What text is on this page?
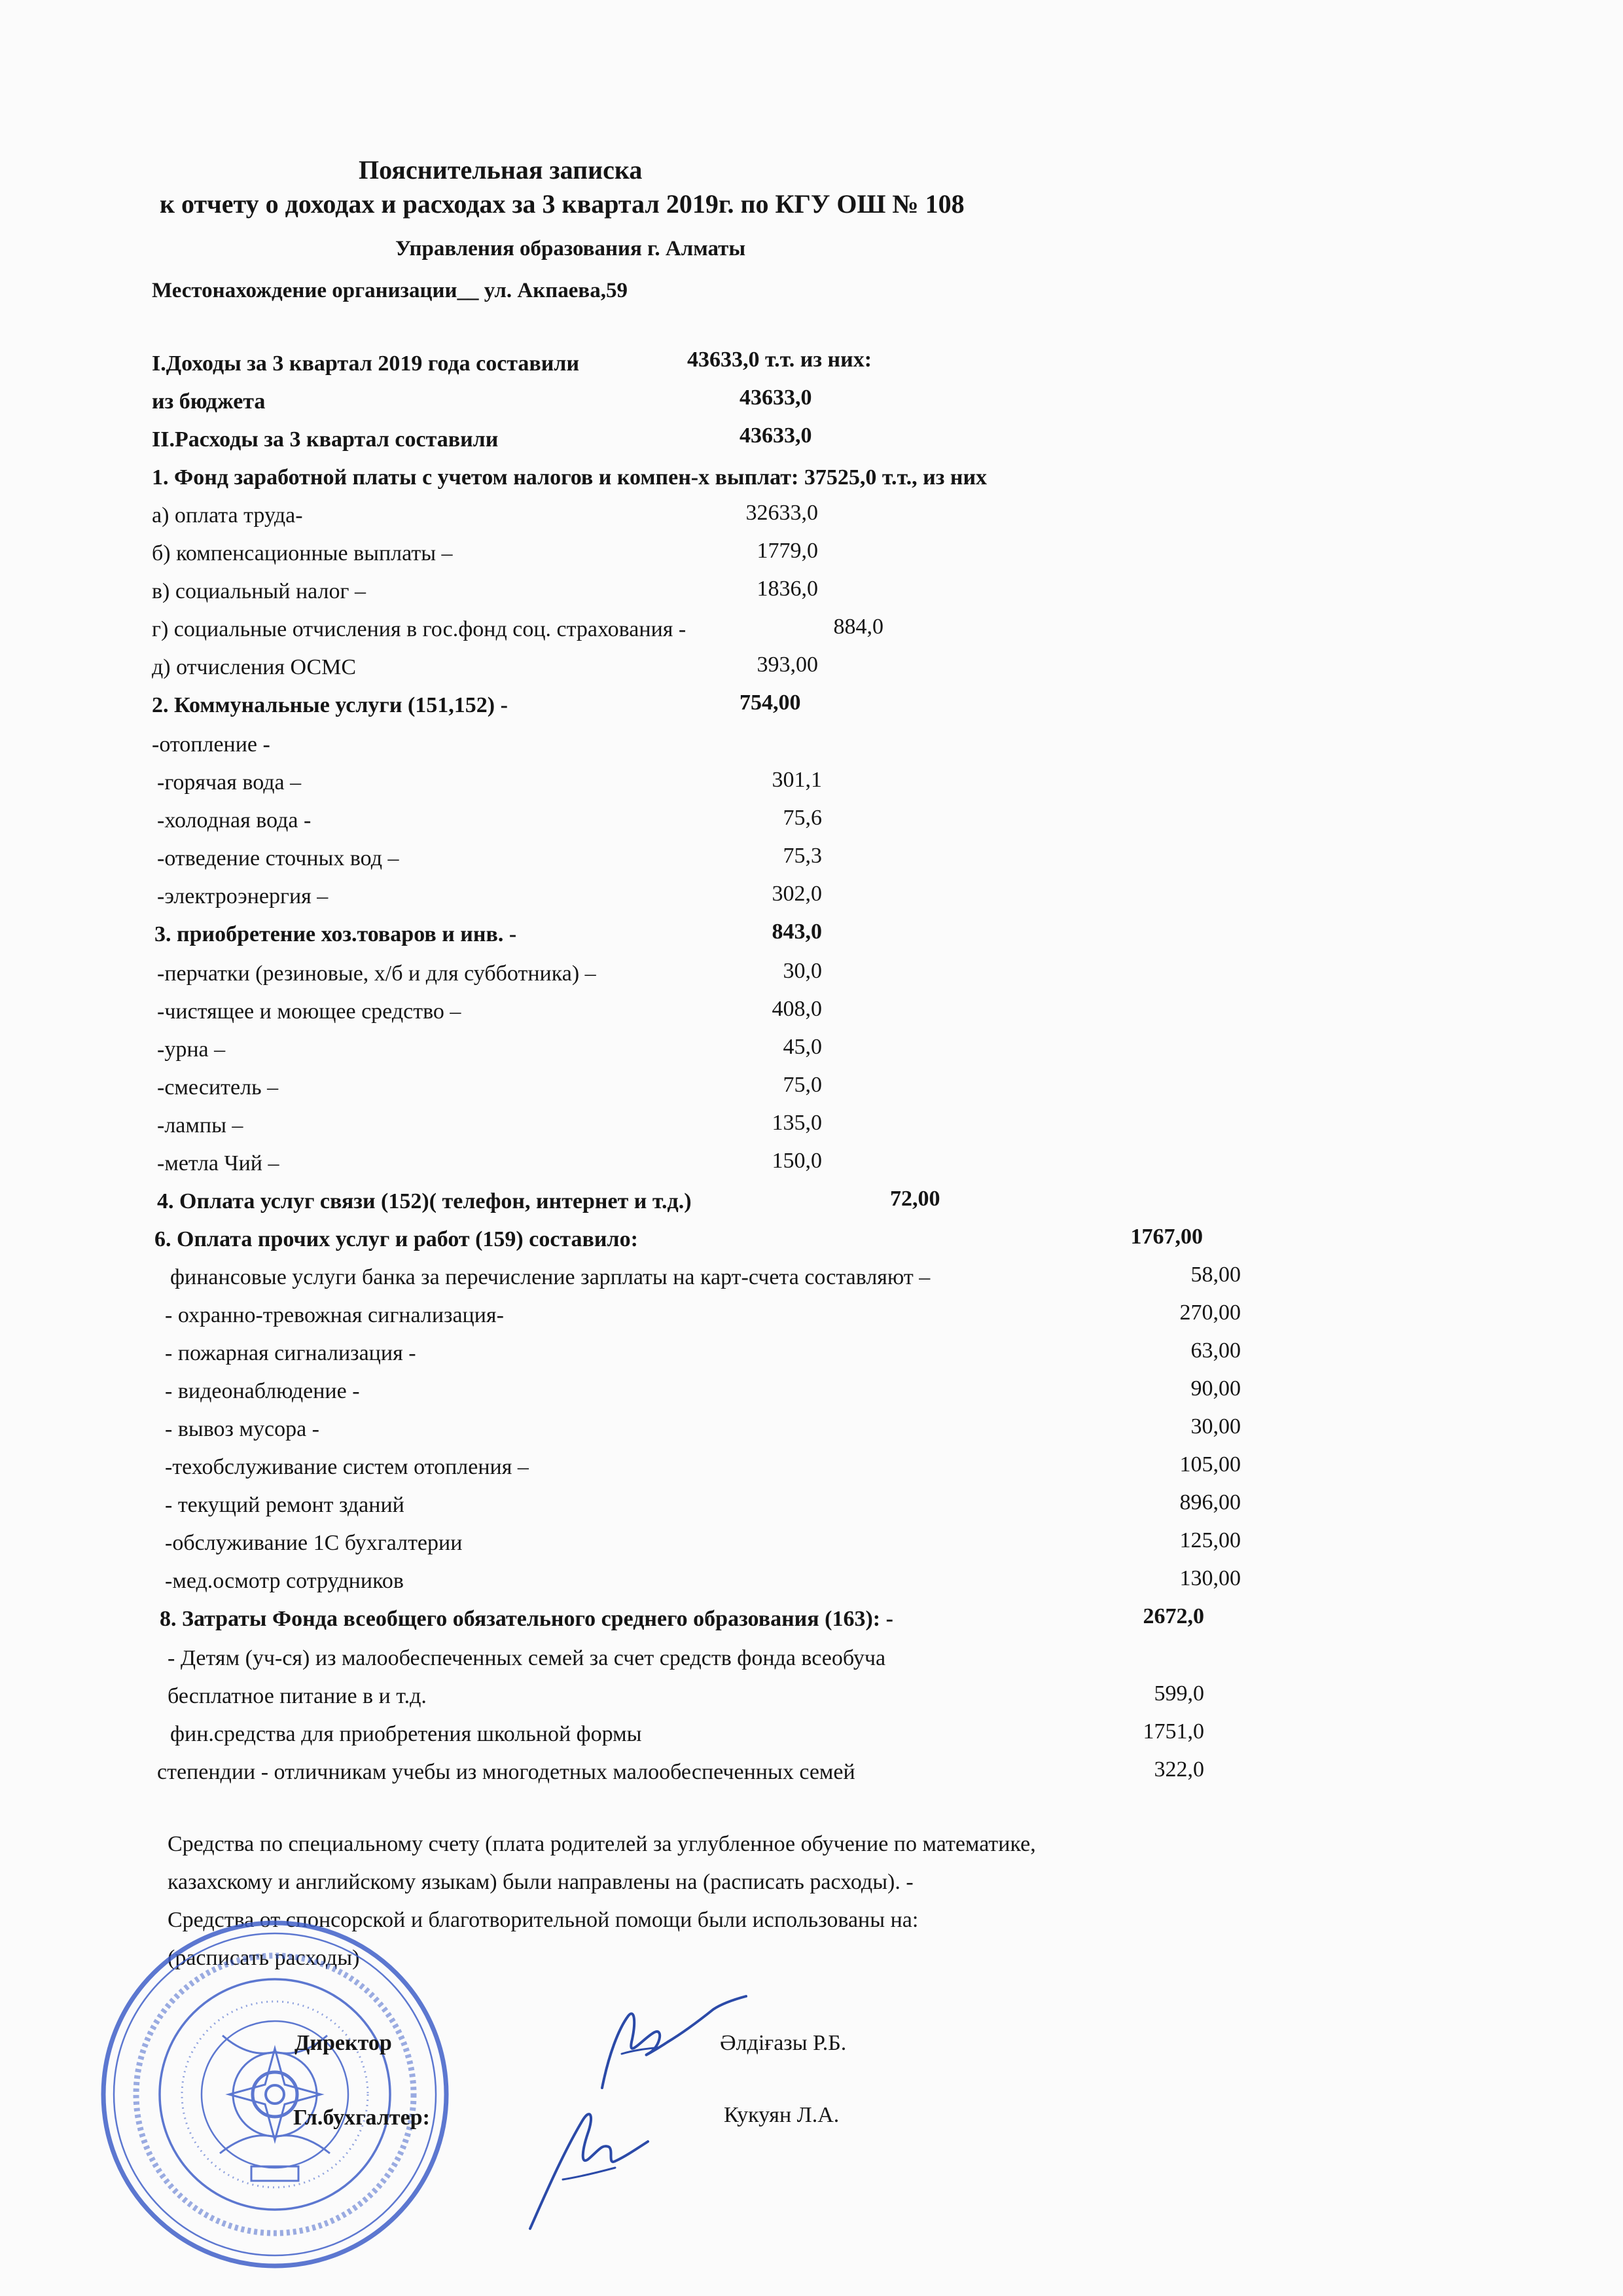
Пояснительная записка
к отчету о доходах и расходах за 3 квартал 2019г. по КГУ ОШ № 108
Управления образования г. Алматы
Местонахождение организации__ ул. Акпаева,59
I.Доходы за 3 квартал 2019 года составили	43633,0 т.т. из них:
из бюджета	43633,0
II.Расходы за 3 квартал составили	43633,0
1. Фонд заработной платы с учетом налогов и компен-х выплат: 37525,0 т.т., из них
а) оплата труда-	32633,0
б) компенсационные выплаты –	1779,0
в) социальный налог –	1836,0
г) социальные отчисления в гос.фонд соц. страхования -	884,0
д) отчисления ОСМС	393,00
2. Коммунальные услуги (151,152) -	754,00
-отопление -
-горячая вода –	301,1
-холодная вода -	75,6
-отведение сточных вод –	75,3
-электроэнергия –	302,0
3. приобретение хоз.товаров и инв. -	843,0
-перчатки (резиновые, х/б и для субботника) –	30,0
-чистящее и моющее средство –	408,0
-урна –	45,0
-смеситель –	75,0
-лампы –	135,0
-метла Чий –	150,0
4. Оплата услуг связи (152)( телефон, интернет и т.д.)	72,00
6. Оплата прочих услуг и работ (159) составило:	1767,00
финансовые услуги банка за перечисление зарплаты на карт-счета составляют –	58,00
- охранно-тревожная сигнализация-	270,00
- пожарная сигнализация -	63,00
- видеонаблюдение -	90,00
- вывоз мусора -	30,00
-техобслуживание систем отопления –	105,00
- текущий ремонт зданий	896,00
-обслуживание 1С бухгалтерии	125,00
-мед.осмотр сотрудников	130,00
8. Затраты Фонда всеобщего обязательного среднего образования (163): -	2672,0
- Детям (уч-ся) из малообеспеченных семей за счет средств фонда всеобуча
бесплатное питание в и т.д.	599,0
фин.средства для приобретения школьной формы	1751,0
степендии - отличникам учебы из многодетных малообеспеченных семей	322,0
Средства по специальному счету (плата родителей за углубленное обучение по математике,
казахскому и английскому языкам) были направлены на (расписать расходы). -
Средства от спонсорской и благотворительной помощи были использованы на:
(расписать расходы)
Директор	Әлдiғазы Р.Б.
Гл.бухгалтер:	Кукуян Л.А.
